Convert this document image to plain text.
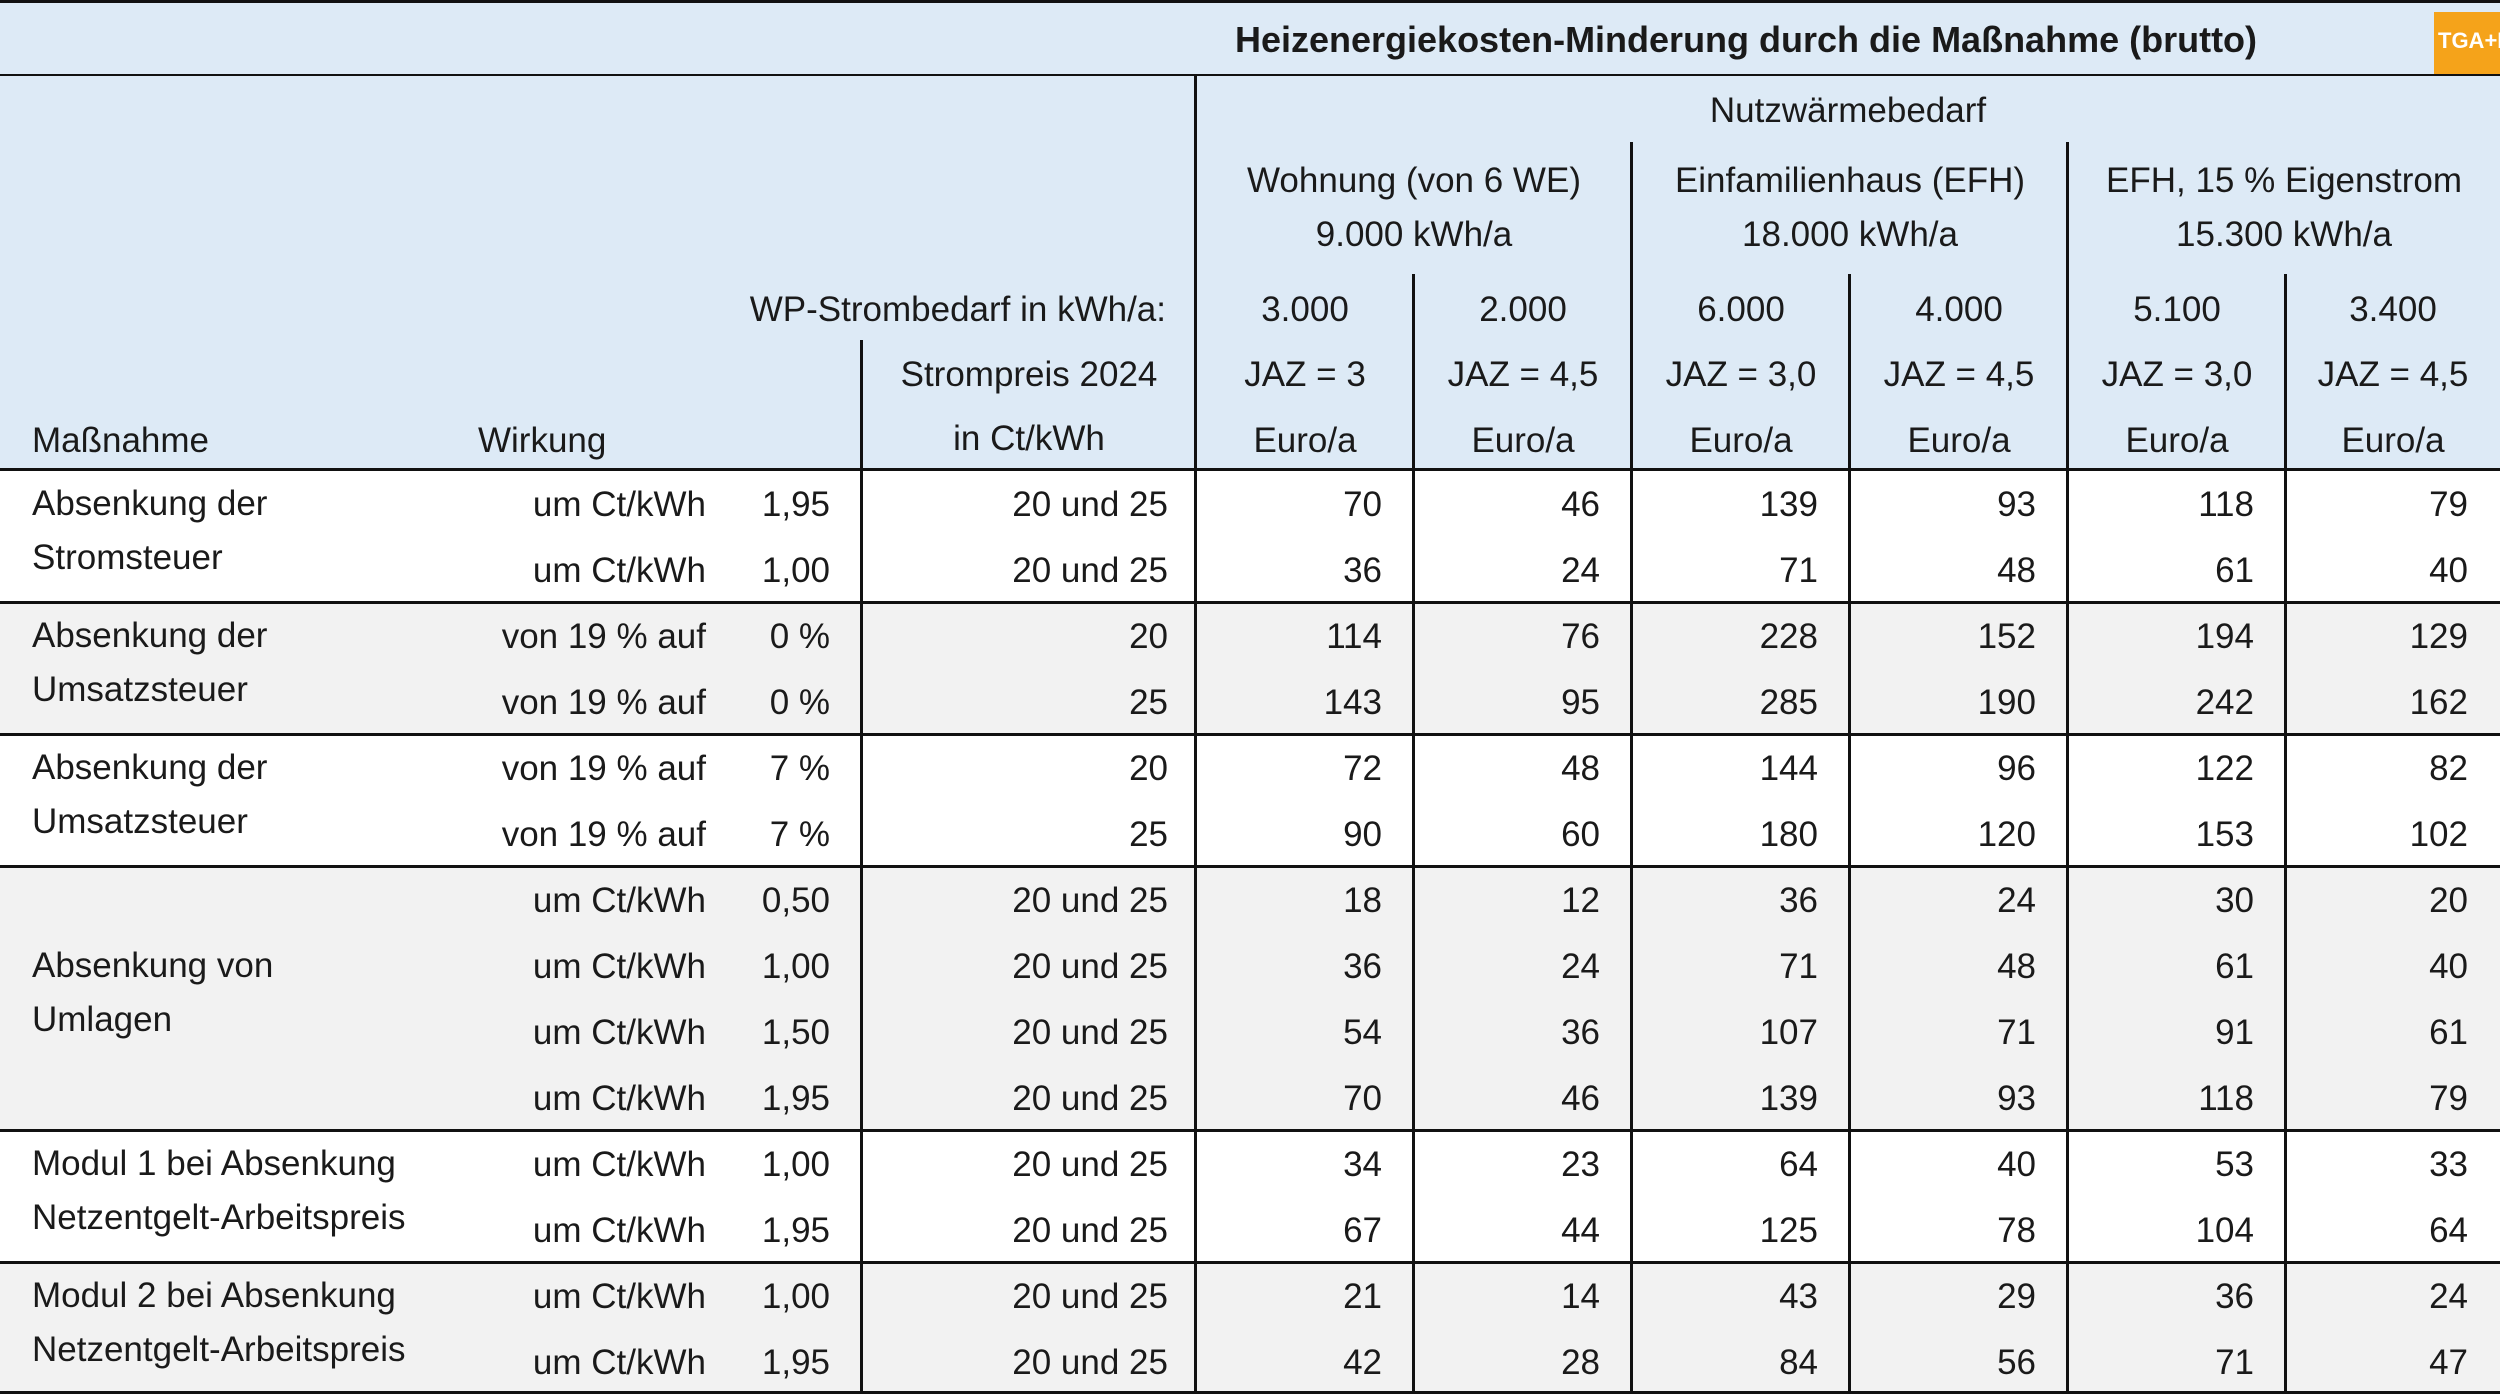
Heizenergiekosten-Minderung durch die Maßnahme (brutto)	TGA+E
Nutzwärmebedarf
WP-Strombedarf in kWh/a:
Strompreis 2024
in Ct/kWh
Maßnahme	Wirkung
Wohnung (von 6 WE)
9.000 kWh/a
Einfamilienhaus (EFH)
18.000 kWh/a
EFH, 15 % Eigenstrom
15.300 kWh/a
3.000
JAZ = 3
Euro/a
2.000
JAZ = 4,5
Euro/a
6.000
JAZ = 3,0
Euro/a
4.000
JAZ = 4,5
Euro/a
5.100
JAZ = 3,0
Euro/a
3.400
JAZ = 4,5
Euro/a
Absenkung der
Stromsteuer
um Ct/kWh	1,95	20 und 25	70	46	139	93	118	79
um Ct/kWh	1,00	20 und 25	36	24	71	48	61	40
Absenkung der
Umsatzsteuer
von 19 % auf	0 %	20	114	76	228	152	194	129
von 19 % auf	0 %	25	143	95	285	190	242	162
Absenkung der
Umsatzsteuer
von 19 % auf	7 %	20	72	48	144	96	122	82
von 19 % auf	7 %	25	90	60	180	120	153	102
Absenkung von
Umlagen
um Ct/kWh	0,50	20 und 25	18	12	36	24	30	20
um Ct/kWh	1,00	20 und 25	36	24	71	48	61	40
um Ct/kWh	1,50	20 und 25	54	36	107	71	91	61
um Ct/kWh	1,95	20 und 25	70	46	139	93	118	79
Modul 1 bei Absenkung
Netzentgelt-Arbeitspreis
um Ct/kWh	1,00	20 und 25	34	23	64	40	53	33
um Ct/kWh	1,95	20 und 25	67	44	125	78	104	64
Modul 2 bei Absenkung
Netzentgelt-Arbeitspreis
um Ct/kWh	1,00	20 und 25	21	14	43	29	36	24
um Ct/kWh	1,95	20 und 25	42	28	84	56	71	47
